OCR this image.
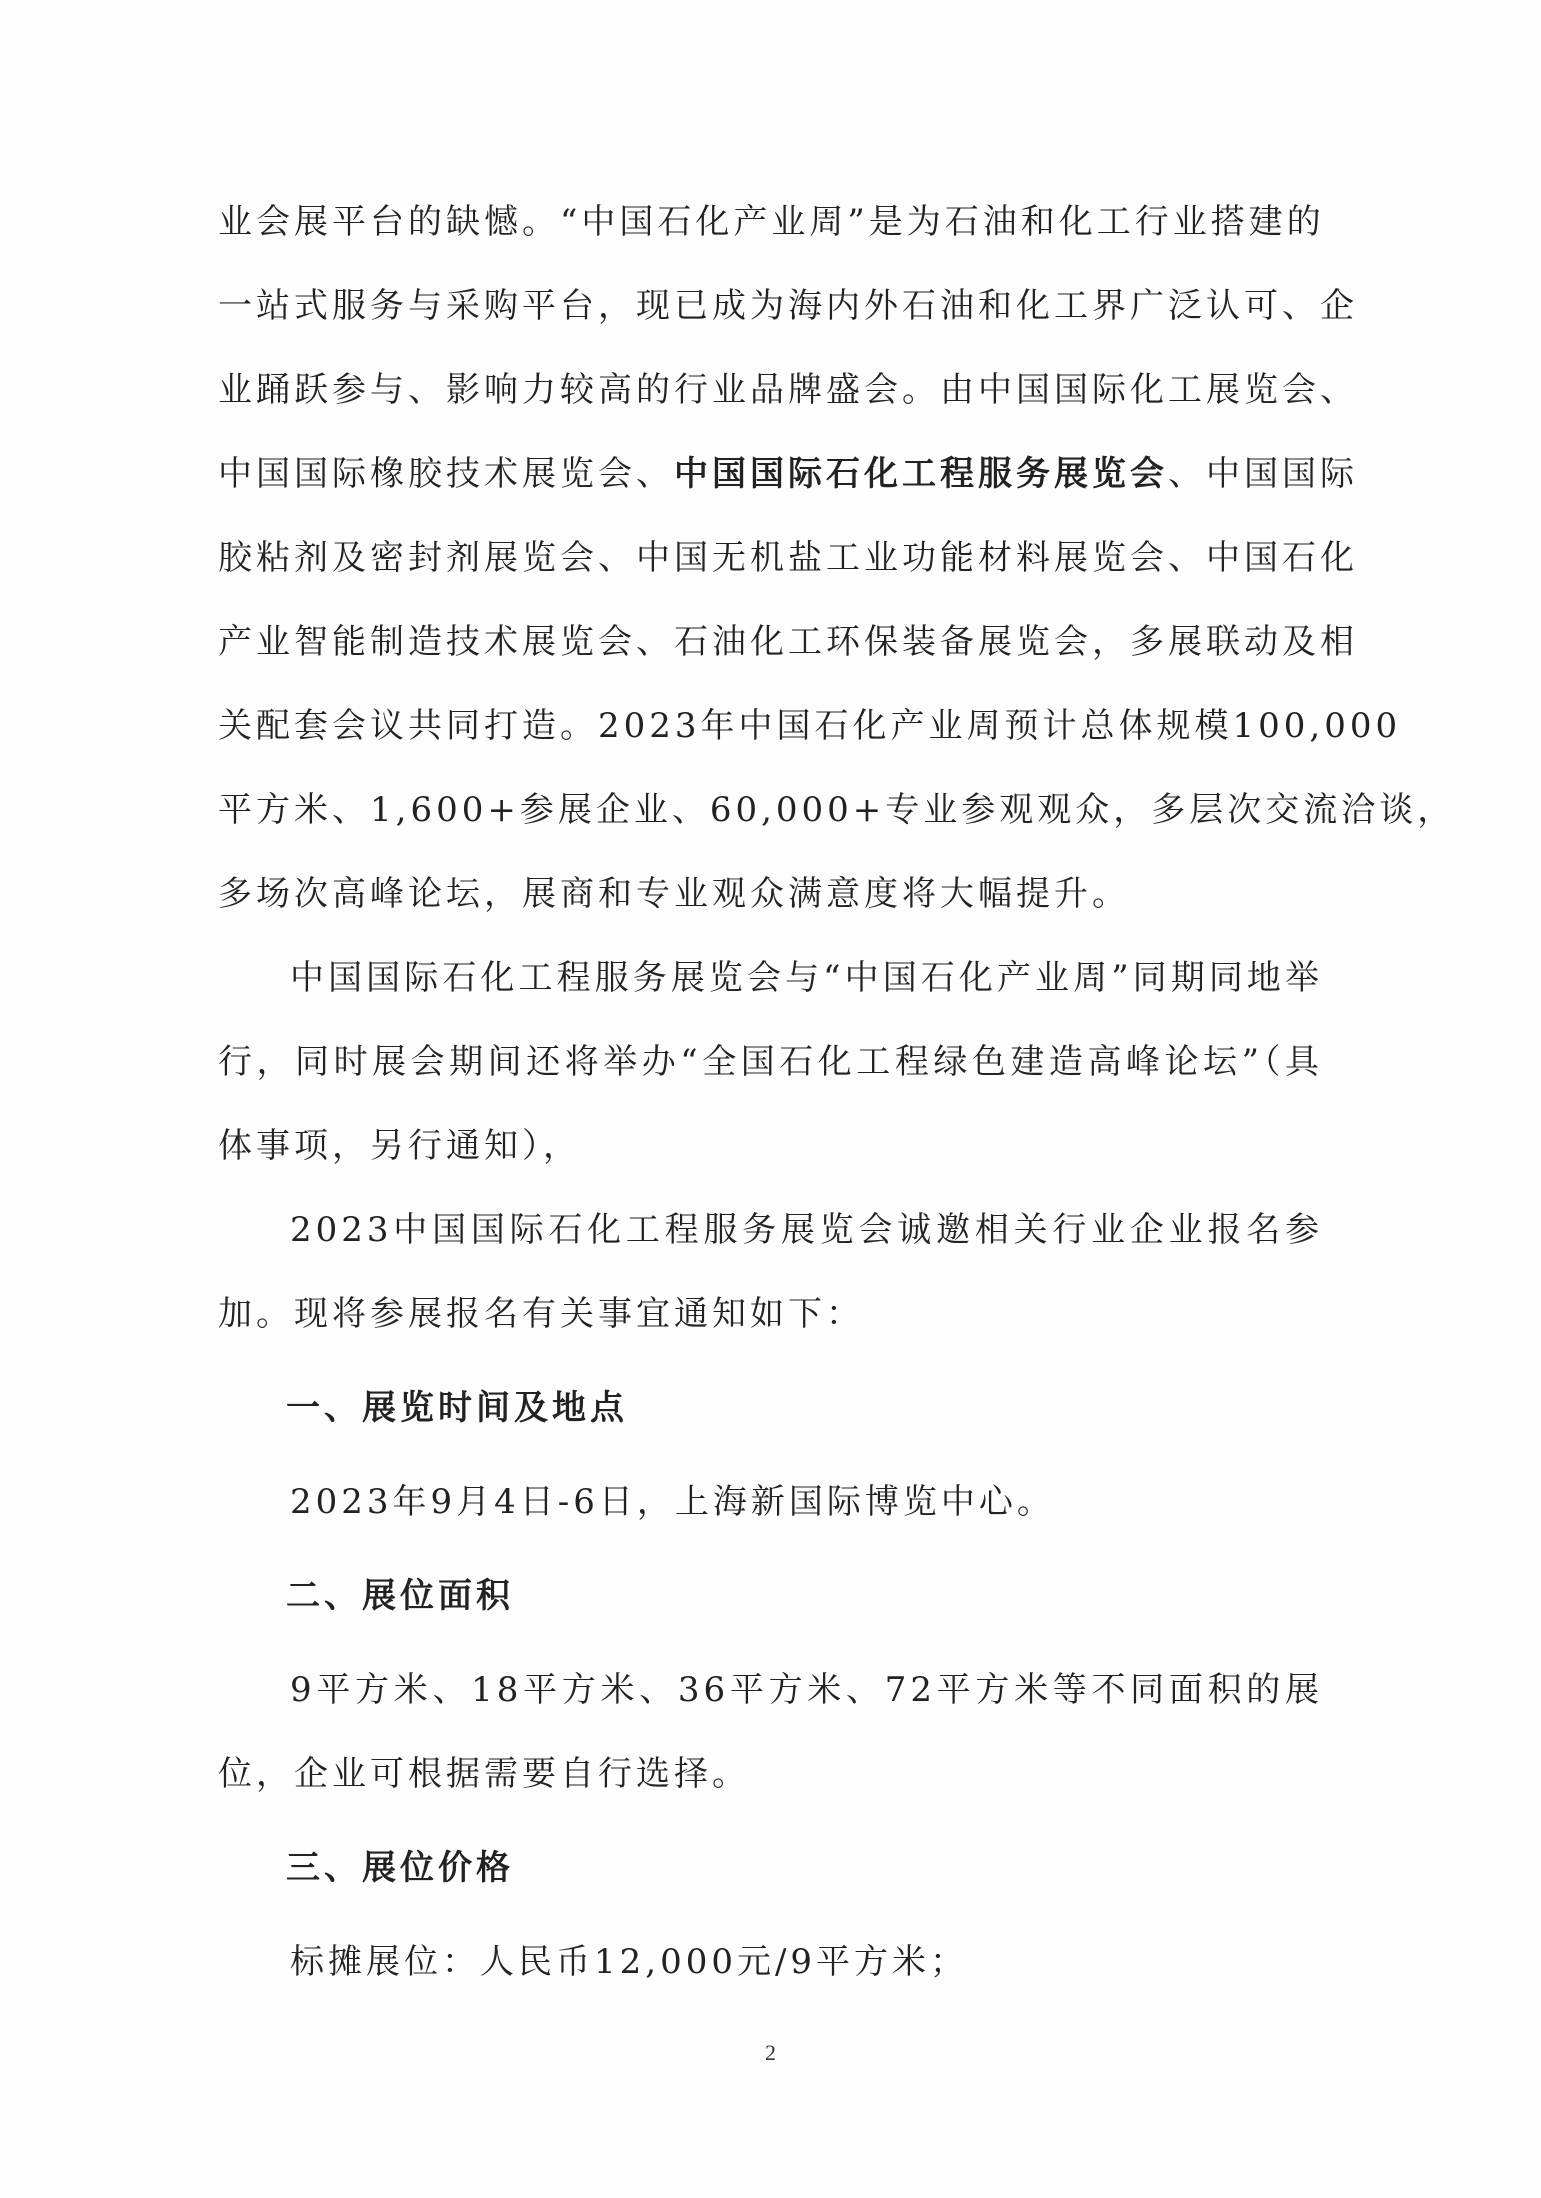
业会展平台的缺憾。“中国石化产业周”是为石油和化工行业搭建的
一站式服务与采购平台，现已成为海内外石油和化工界广泛认可、企
业踊跃参与、影响力较高的行业品牌盛会。由中国国际化工展览会、
中国国际橡胶技术展览会、中国国际石化工程服务展览会、中国国际
胶粘剂及密封剂展览会、中国无机盐工业功能材料展览会、中国石化
产业智能制造技术展览会、石油化工环保装备展览会，多展联动及相
关配套会议共同打造。2023年中国石化产业周预计总体规模100,000
平方米、1,600+参展企业、60,000+专业参观观众，多层次交流洽谈，
多场次高峰论坛，展商和专业观众满意度将大幅提升。

中国国际石化工程服务展览会与“中国石化产业周”同期同地举行，同时展会期间还将举办“全国石化工程绿色建造高峰论坛”（具体事项，另行通知），

2023中国国际石化工程服务展览会诚邀相关行业企业报名参加。现将参展报名有关事宜通知如下：

一、展览时间及地点

2023年9月4日-6日，上海新国际博览中心。

二、展位面积

9平方米、18平方米、36平方米、72平方米等不同面积的展位，企业可根据需要自行选择。

三、展位价格

标摊展位：人民币12,000元/9平方米；

2
